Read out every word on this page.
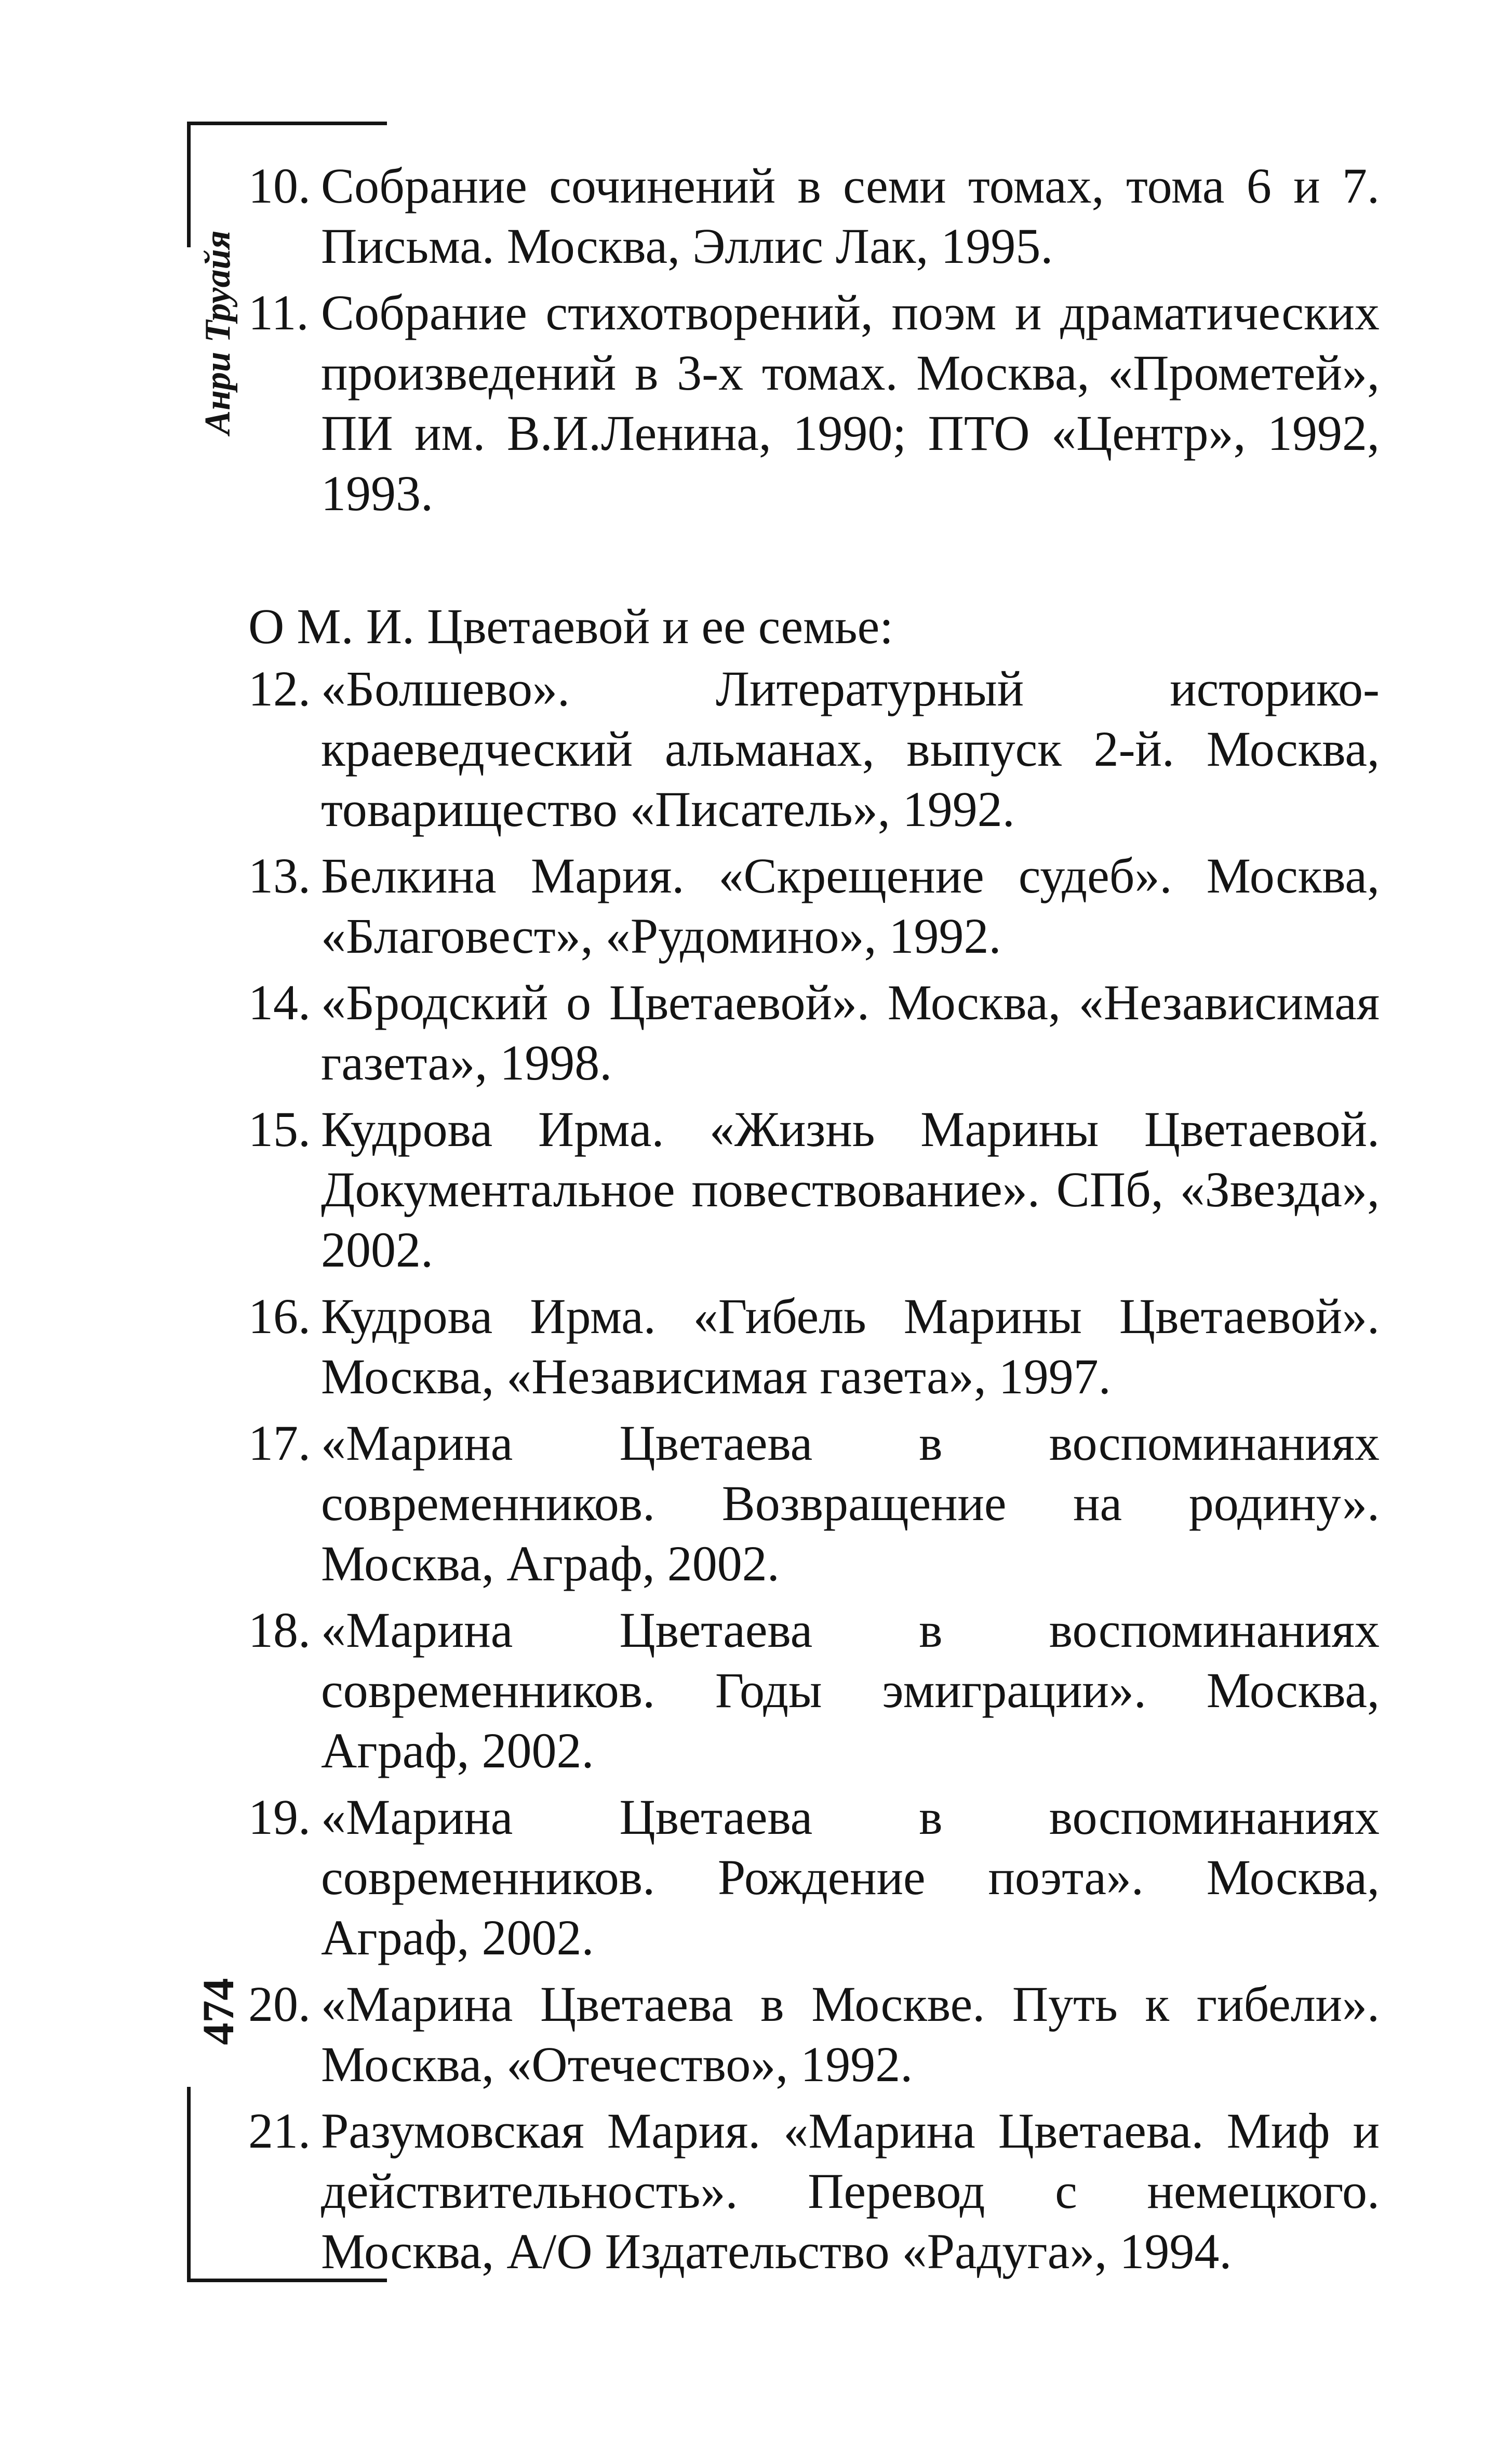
Анри Труайя
474
10. Собрание сочинений в семи томах, тома 6 и 7. Письма. Москва, Эллис Лак, 1995.
11. Собрание стихотворений, поэм и драматических произведений в 3-х томах. Москва, «Прометей», ПИ им. В.И.Ленина, 1990; ПТО «Центр», 1992, 1993.
О М. И. Цветаевой и ее семье:
12. «Болшево». Литературный историко-краеведческий альманах, выпуск 2-й. Москва, товарищество «Писатель», 1992.
13. Белкина Мария. «Скрещение судеб». Москва, «Благовест», «Рудомино», 1992.
14. «Бродский о Цветаевой». Москва, «Независимая газета», 1998.
15. Кудрова Ирма. «Жизнь Марины Цветаевой. Документальное повествование». СПб, «Звезда», 2002.
16. Кудрова Ирма. «Гибель Марины Цветаевой». Москва, «Независимая газета», 1997.
17. «Марина Цветаева в воспоминаниях современников. Возвращение на родину». Москва, Аграф, 2002.
18. «Марина Цветаева в воспоминаниях современников. Годы эмиграции». Москва, Аграф, 2002.
19. «Марина Цветаева в воспоминаниях современников. Рождение поэта». Москва, Аграф, 2002.
20. «Марина Цветаева в Москве. Путь к гибели». Москва, «Отечество», 1992.
21. Разумовская Мария. «Марина Цветаева. Миф и действительность». Перевод с немецкого. Москва, А/О Издательство «Радуга», 1994.
